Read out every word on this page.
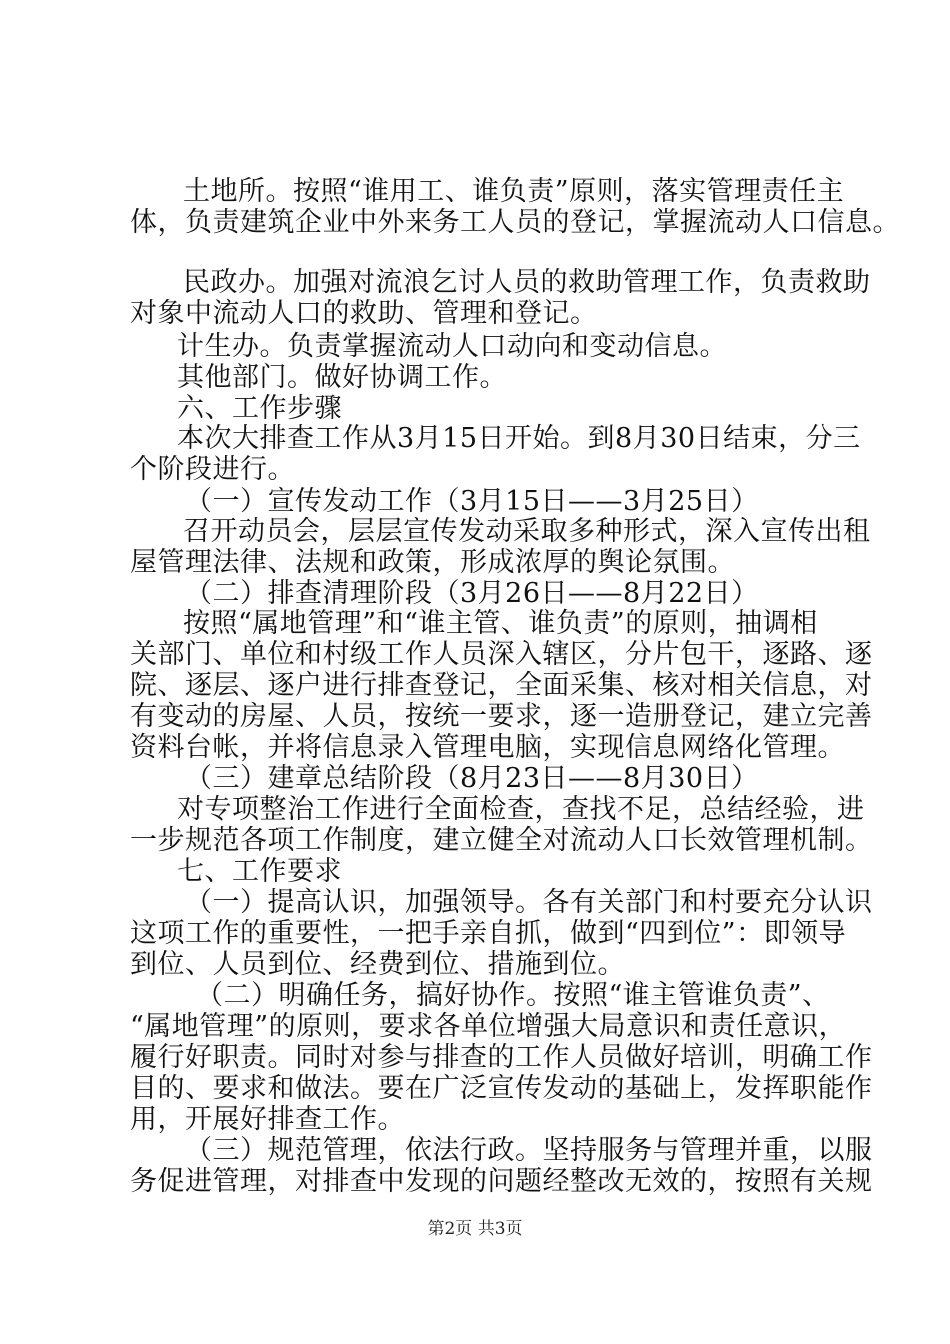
土地所。按照“谁用工、谁负责”原则，落实管理责任主
体，负责建筑企业中外来务工人员的登记，掌握流动人口信息。
民政办。加强对流浪乞讨人员的救助管理工作，负责救助
对象中流动人口的救助、管理和登记。
计生办。负责掌握流动人口动向和变动信息。
其他部门。做好协调工作。
六、工作步骤
本次大排查工作从3月15日开始。到8月30日结束，分三
个阶段进行。
（一）宣传发动工作（3月15日——3月25日）
召开动员会，层层宣传发动采取多种形式，深入宣传出租
屋管理法律、法规和政策，形成浓厚的舆论氛围。
（二）排查清理阶段（3月26日——8月22日）
按照“属地管理”和“谁主管、谁负责”的原则，抽调相
关部门、单位和村级工作人员深入辖区，分片包干，逐路、逐
院、逐层、逐户进行排查登记，全面采集、核对相关信息，对
有变动的房屋、人员，按统一要求，逐一造册登记，建立完善
资料台帐，并将信息录入管理电脑，实现信息网络化管理。
（三）建章总结阶段（8月23日——8月30日）
对专项整治工作进行全面检查，查找不足，总结经验，进
一步规范各项工作制度，建立健全对流动人口长效管理机制。
七、工作要求
（一）提高认识，加强领导。各有关部门和村要充分认识
这项工作的重要性，一把手亲自抓，做到“四到位”：即领导
到位、人员到位、经费到位、措施到位。
（二）明确任务，搞好协作。按照“谁主管谁负责”、
“属地管理”的原则，要求各单位增强大局意识和责任意识，
履行好职责。同时对参与排查的工作人员做好培训，明确工作
目的、要求和做法。要在广泛宣传发动的基础上，发挥职能作
用，开展好排查工作。
（三）规范管理，依法行政。坚持服务与管理并重，以服
务促进管理，对排查中发现的问题经整改无效的，按照有关规
第2页 共3页
